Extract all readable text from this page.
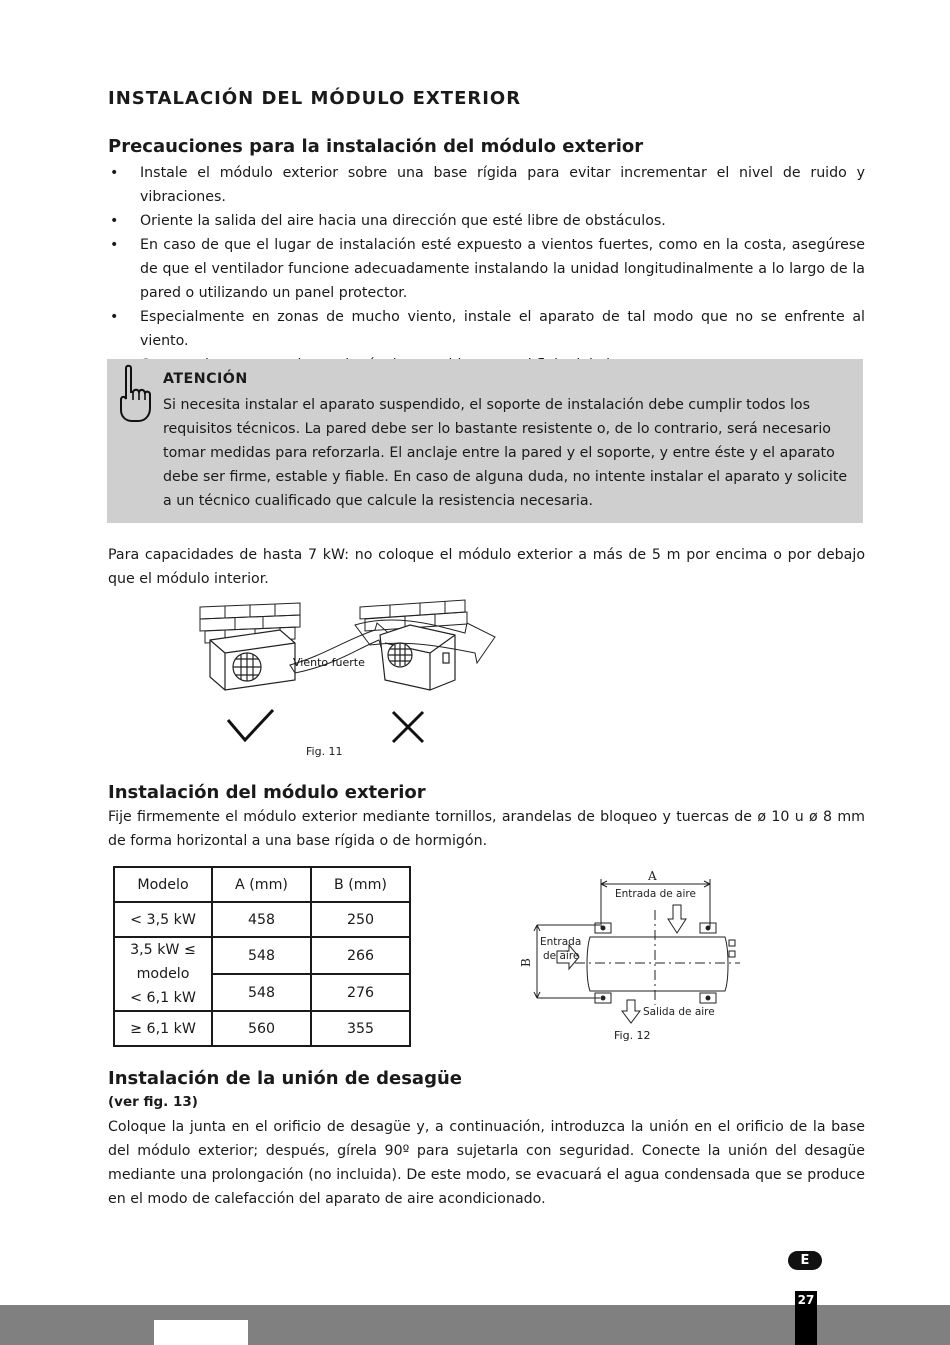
INSTALACIÓN DEL MÓDULO EXTERIOR
Precauciones para la instalación del módulo exterior
• Instale el módulo exterior sobre una base rígida para evitar incrementar el nivel de ruido y vibraciones.
• Oriente la salida del aire hacia una dirección que esté libre de obstáculos.
• En caso de que el lugar de instalación esté expuesto a vientos fuertes, como en la costa, asegúrese de que el ventilador funcione adecuadamente instalando la unidad longitudinalmente a lo largo de la pared o utilizando un panel protector.
• Especialmente en zonas de mucho viento, instale el aparato de tal modo que no se enfrente al viento.
ATENCIÓN
Si necesita instalar el aparato suspendido, el soporte de instalación debe cumplir todos los requisitos técnicos. La pared debe ser lo bastante resistente o, de lo contrario, será necesario tomar medidas para reforzarla. El anclaje entre la pared y el soporte, y entre éste y el aparato debe ser firme, estable y fiable. En caso de alguna duda, no intente instalar el aparato y solicite a un técnico cualificado que calcule la resistencia necesaria.
Para capacidades de hasta 7 kW: no coloque el módulo exterior a más de 5 m por encima o por debajo que el módulo interior.
Viento fuerte
Fig. 11
Instalación del módulo exterior
Fije firmemente el módulo exterior mediante tornillos, arandelas de bloqueo y tuercas de ø 10 u ø 8 mm de forma horizontal a una base rígida o de hormigón.
Modelo	A (mm)	B (mm)
< 3,5 kW	458	250

3,5 kW ≤
modelo
< 6,1 kW	548	266
	548	276
≥ 6,1 kW	560	355
A
Entrada de aire
Entrada
de aire
Salida de aire
B
Fig. 12
Instalación de la unión de desagüe
(ver fig. 13)
Coloque la junta en el orificio de desagüe y, a continuación, introduzca la unión en el orificio de la base del módulo exterior; después, gírela 90º para sujetarla con seguridad. Conecte la unión del desagüe mediante una prolongación (no incluida). De este modo, se evacuará el agua condensada que se produce en el modo de calefacción del aparato de aire acondicionado.
E
27
